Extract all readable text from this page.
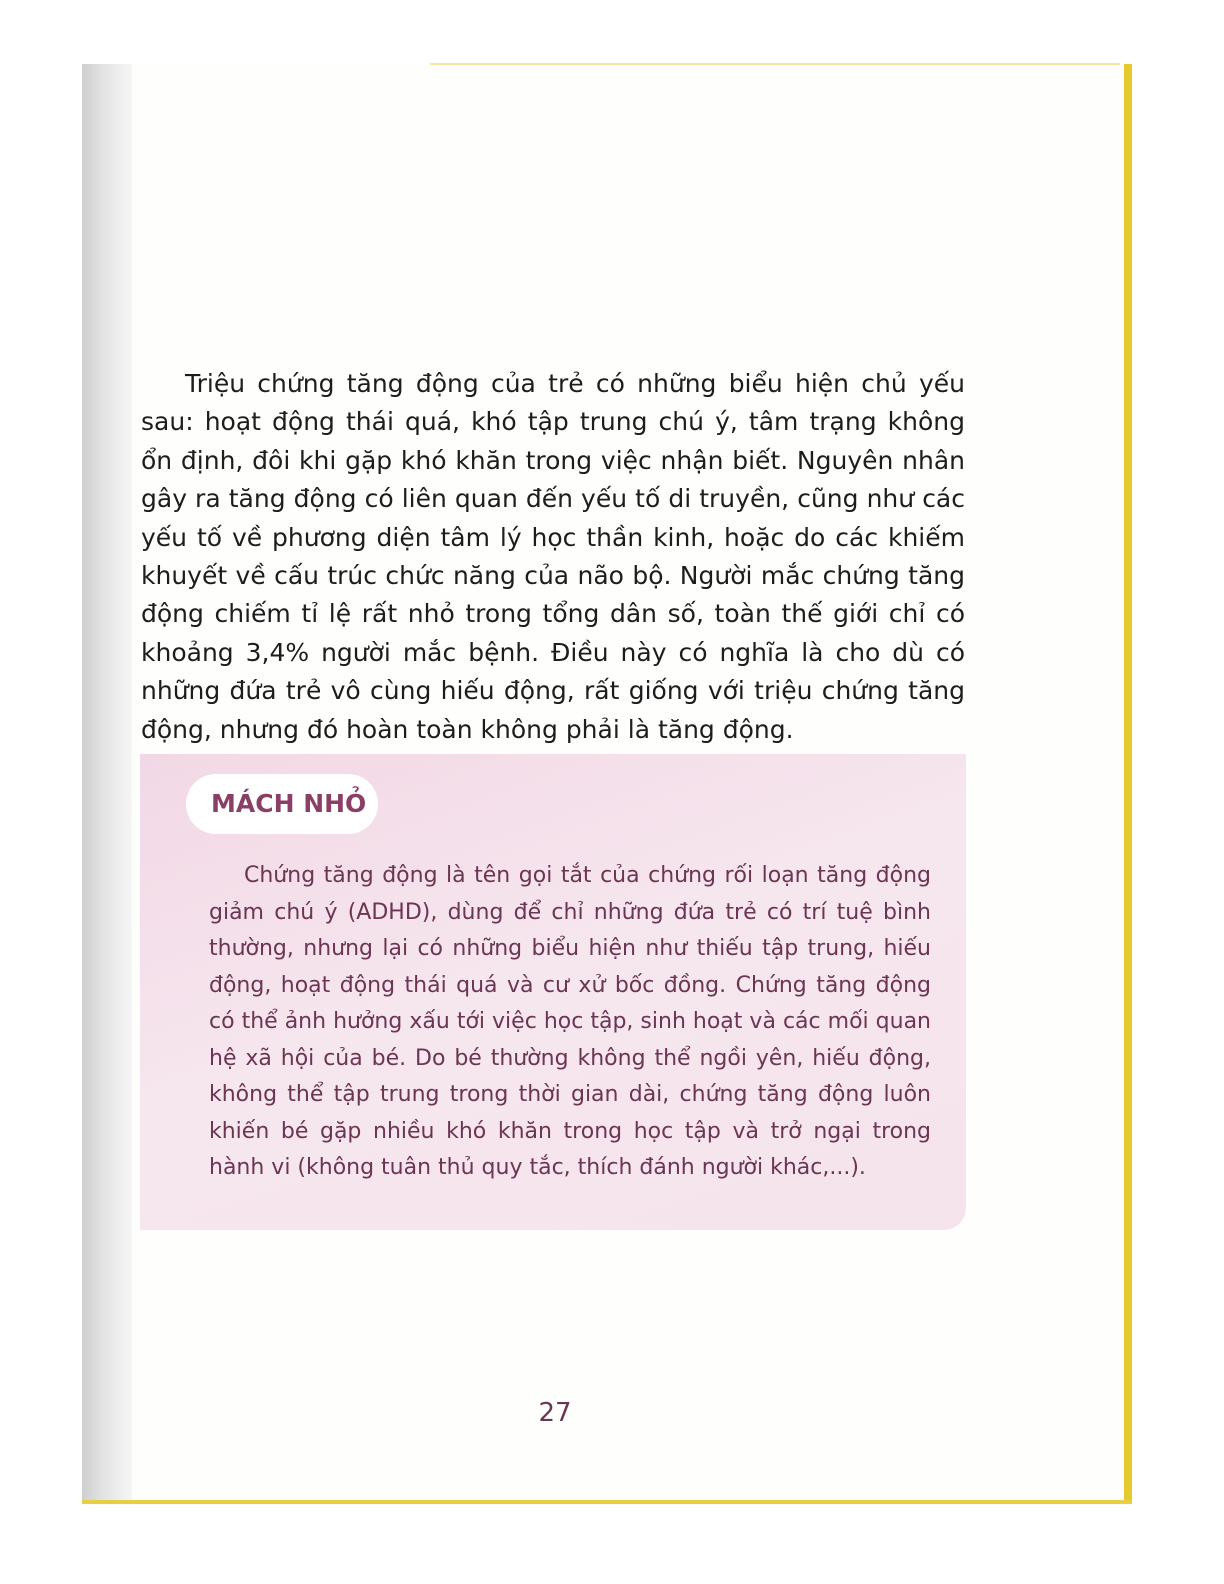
Triệu chứng tăng động của trẻ có những biểu hiện chủ yếu sau: hoạt động thái quá, khó tập trung chú ý, tâm trạng không ổn định, đôi khi gặp khó khăn trong việc nhận biết. Nguyên nhân gây ra tăng động có liên quan đến yếu tố di truyền, cũng như các yếu tố về phương diện tâm lý học thần kinh, hoặc do các khiếm khuyết về cấu trúc chức năng của não bộ. Người mắc chứng tăng động chiếm tỉ lệ rất nhỏ trong tổng dân số, toàn thế giới chỉ có khoảng 3,4% người mắc bệnh. Điều này có nghĩa là cho dù có những đứa trẻ vô cùng hiếu động, rất giống với triệu chứng tăng động, nhưng đó hoàn toàn không phải là tăng động.

MÁCH NHỎ

Chứng tăng động là tên gọi tắt của chứng rối loạn tăng động giảm chú ý (ADHD), dùng để chỉ những đứa trẻ có trí tuệ bình thường, nhưng lại có những biểu hiện như thiếu tập trung, hiếu động, hoạt động thái quá và cư xử bốc đồng. Chứng tăng động có thể ảnh hưởng xấu tới việc học tập, sinh hoạt và các mối quan hệ xã hội của bé. Do bé thường không thể ngồi yên, hiếu động, không thể tập trung trong thời gian dài, chứng tăng động luôn khiến bé gặp nhiều khó khăn trong học tập và trở ngại trong hành vi (không tuân thủ quy tắc, thích đánh người khác,...).

27
